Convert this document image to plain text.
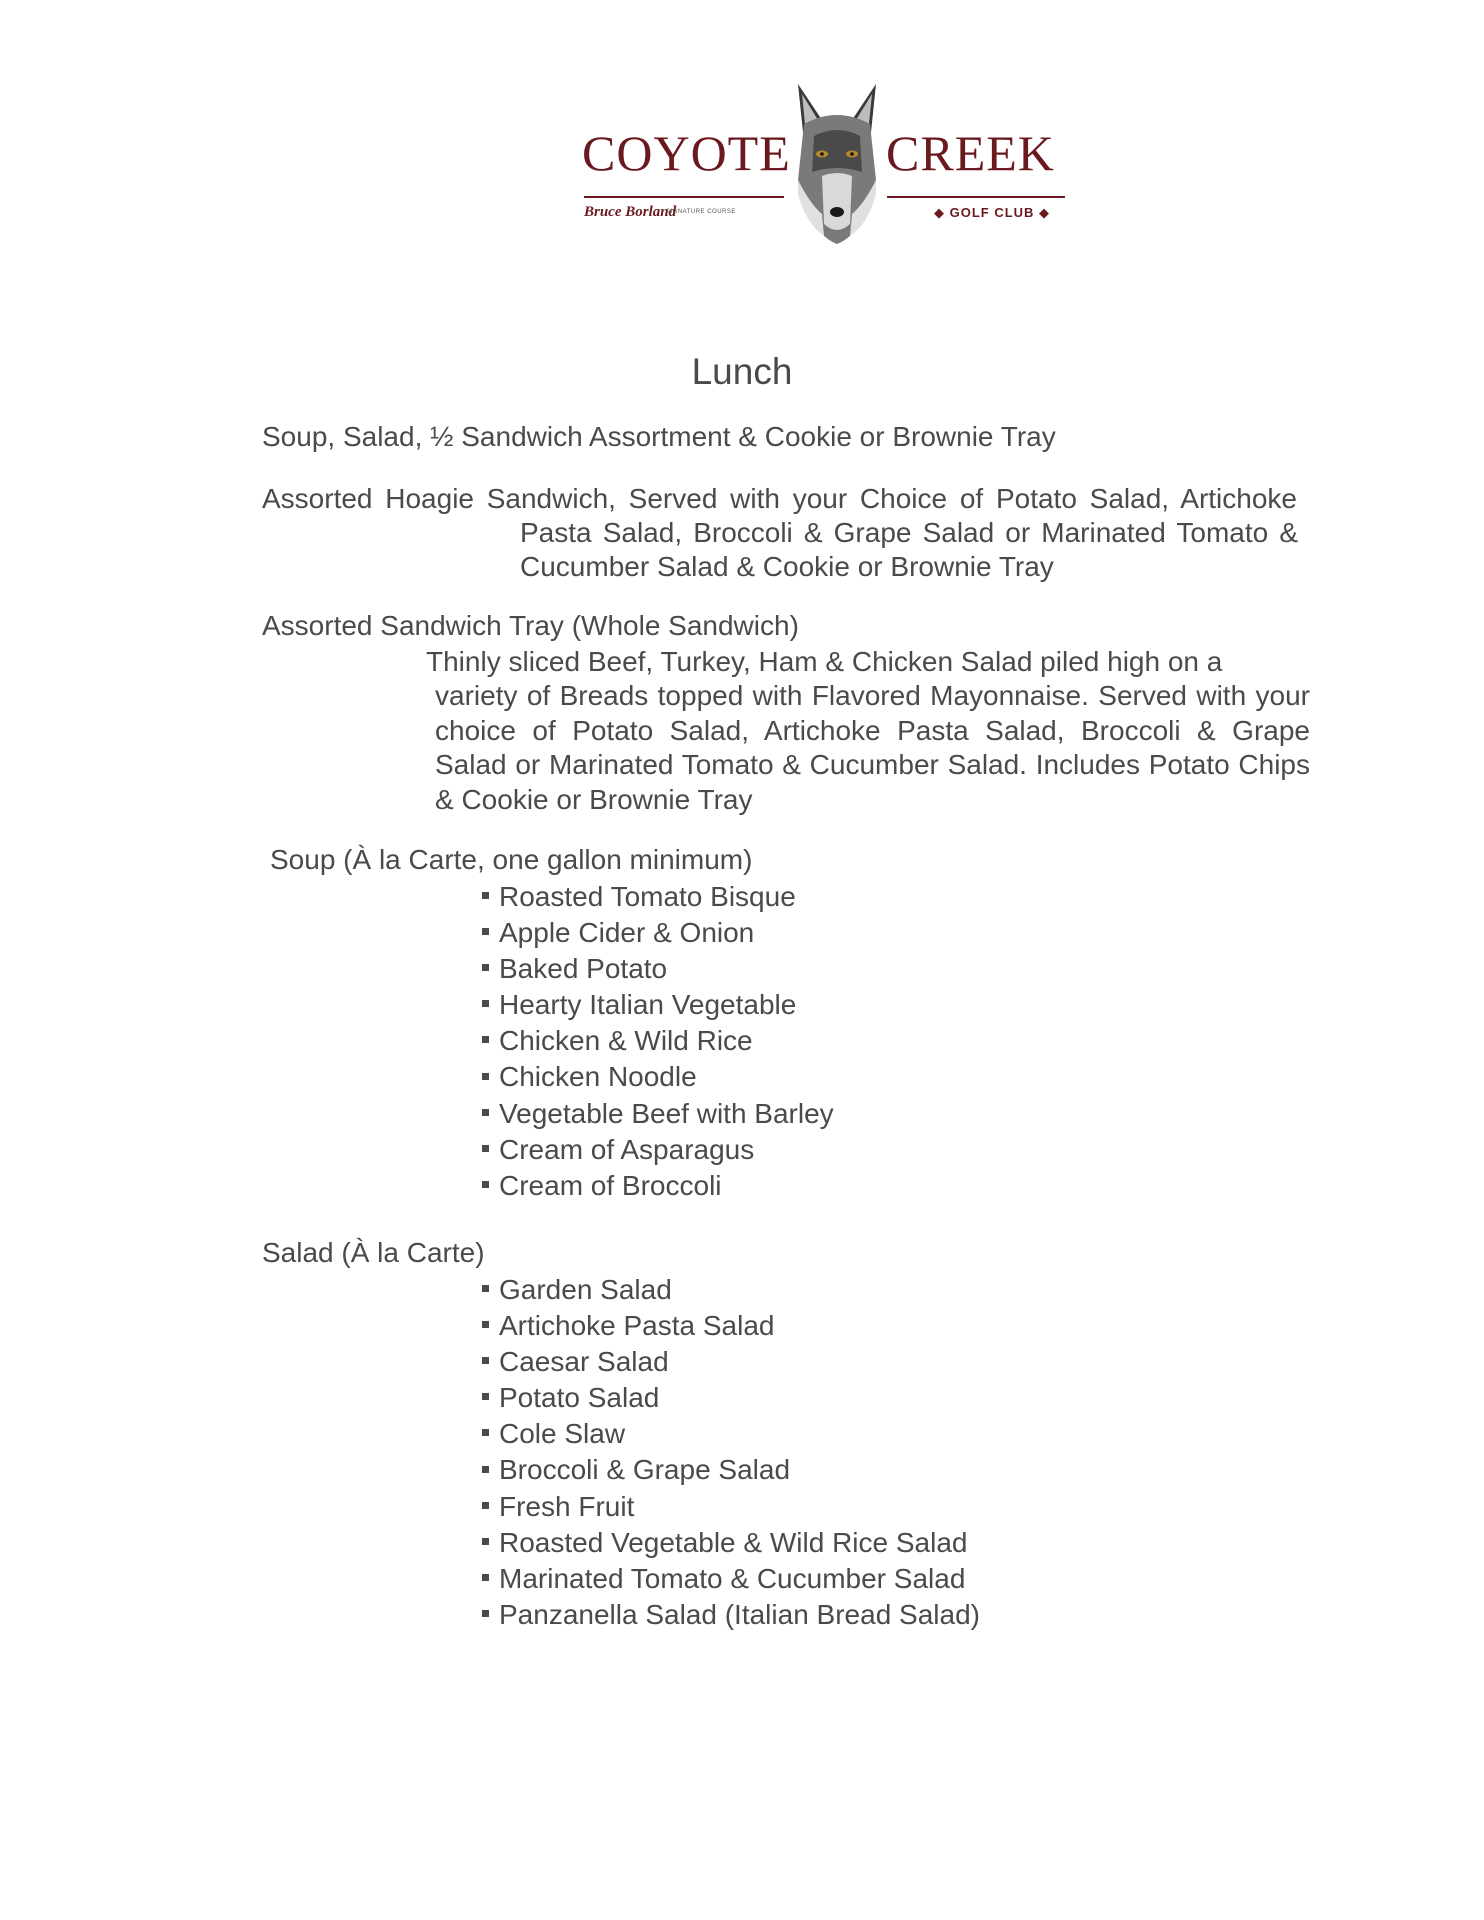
COYOTE
Bruce Borland
SIGNATURE COURSE
CREEK
◆ GOLF CLUB ◆
Lunch
Soup, Salad, ½ Sandwich Assortment & Cookie or Brownie Tray
Assorted Hoagie Sandwich, Served with your Choice of Potato Salad, Artichoke
Pasta Salad, Broccoli & Grape Salad or Marinated Tomato &
Cucumber Salad & Cookie or Brownie Tray
Assorted Sandwich Tray (Whole Sandwich)
Thinly sliced Beef, Turkey, Ham & Chicken Salad piled high on a
variety of Breads topped with Flavored Mayonnaise. Served with your choice of Potato Salad, Artichoke Pasta Salad, Broccoli & Grape Salad or Marinated Tomato & Cucumber Salad. Includes Potato Chips & Cookie or Brownie Tray
Soup (À la Carte, one gallon minimum)
Roasted Tomato Bisque
Apple Cider & Onion
Baked Potato
Hearty Italian Vegetable
Chicken & Wild Rice
Chicken Noodle
Vegetable Beef with Barley
Cream of Asparagus
Cream of Broccoli
Salad (À la Carte)
Garden Salad
Artichoke Pasta Salad
Caesar Salad
Potato Salad
Cole Slaw
Broccoli & Grape Salad
Fresh Fruit
Roasted Vegetable & Wild Rice Salad
Marinated Tomato & Cucumber Salad
Panzanella Salad (Italian Bread Salad)
